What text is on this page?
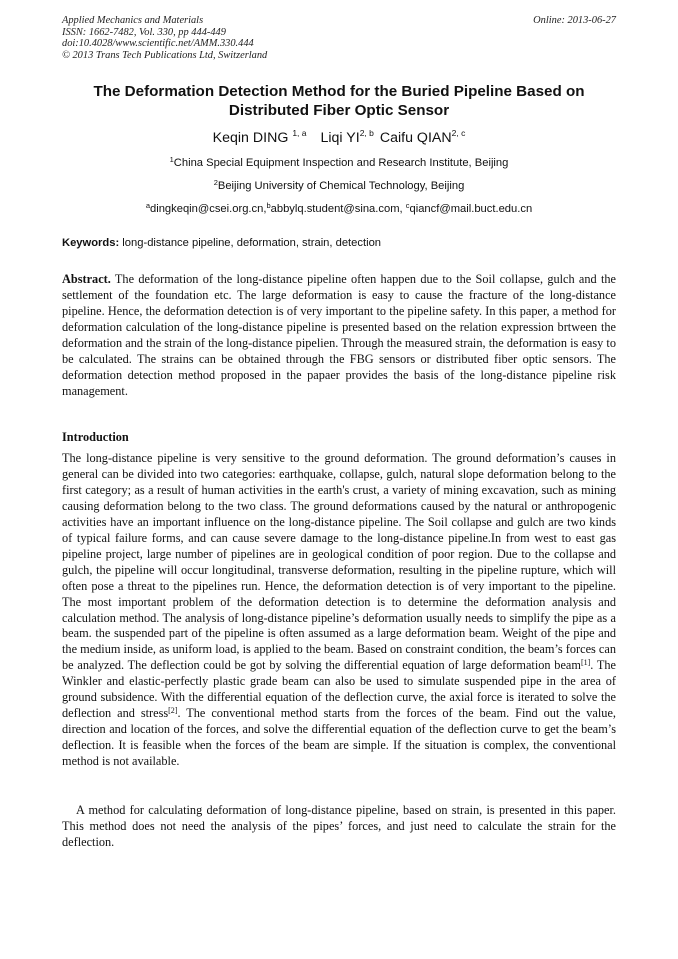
Applied Mechanics and Materials
ISSN: 1662-7482, Vol. 330, pp 444-449
doi:10.4028/www.scientific.net/AMM.330.444
© 2013 Trans Tech Publications Ltd, Switzerland
Online: 2013-06-27
The Deformation Detection Method for the Buried Pipeline Based on Distributed Fiber Optic Sensor
Keqin DING $^{1, a}$ Liqi YI$^{2, b}$ Caifu QIAN$^{2, c}$
$^1$China Special Equipment Inspection and Research Institute, Beijing
$^2$Beijing University of Chemical Technology, Beijing
$^a$dingkeqin@csei.org.cn,$^b$abbylq.student@sina.com, $^c$qiancf@mail.buct.edu.cn
Keywords: long-distance pipeline, deformation, strain, detection

Abstract. The deformation of the long-distance pipeline often happen due to the Soil collapse, gulch and the settlement of the foundation etc. The large deformation is easy to cause the fracture of the long-distance pipeline. Hence, the deformation detection is of very important to the pipeline safety. In this paper, a method for deformation calculation of the long-distance pipeline is presented based on the relation expression brtween the deformation and the strain of the long-distance pipelien. Through the measured strain, the deformation is easy to be calculated. The strains can be obtained through the FBG sensors or distributed fiber optic sensors. The deformation detection method proposed in the papaer provides the basis of the long-distance pipeline risk management.

Introduction

The long-distance pipeline is very sensitive to the ground deformation. The ground deformation’s causes in general can be divided into two categories: earthquake, collapse, gulch, natural slope deformation belong to the first category; as a result of human activities in the earth's crust, a variety of mining excavation, such as mining causing deformation belong to the two class. The ground deformations caused by the natural or anthropogenic activities have an important influence on the long-distance pipeline. The Soil collapse and gulch are two kinds of typical failure forms, and can cause severe damage to the long-distance pipeline.In from west to east gas pipeline project, large number of pipelines are in geological condition of poor region. Due to the collapse and gulch, the pipeline will occur longitudinal, transverse deformation, resulting in the pipeline rupture, which will often pose a threat to the pipelines run. Hence, the deformation detection is of very important to the pipeline. The most important problem of the deformation detection is to determine the deformation analysis and calculation method. The analysis of long-distance pipeline’s deformation usually needs to simplify the pipe as a beam. the suspended part of the pipeline is often assumed as a large deformation beam. Weight of the pipe and the medium inside, as uniform load, is applied to the beam. Based on constraint condition, the beam’s forces can be analyzed. The deflection could be got by solving the differential equation of large deformation beam[1]. The Winkler and elastic-perfectly plastic grade beam can also be used to simulate suspended pipe in the area of ground subsidence. With the differential equation of the deflection curve, the axial force is iterated to solve the deflection and stress[2]. The conventional method starts from the forces of the beam. Find out the value, direction and location of the forces, and solve the differential equation of the deflection curve to get the beam’s deflection. It is feasible when the forces of the beam are simple. If the situation is complex, the conventional method is not available.

A method for calculating deformation of long-distance pipeline, based on strain, is presented in this paper. This method does not need the analysis of the pipes’ forces, and just need to calculate the strain for the deflection.
